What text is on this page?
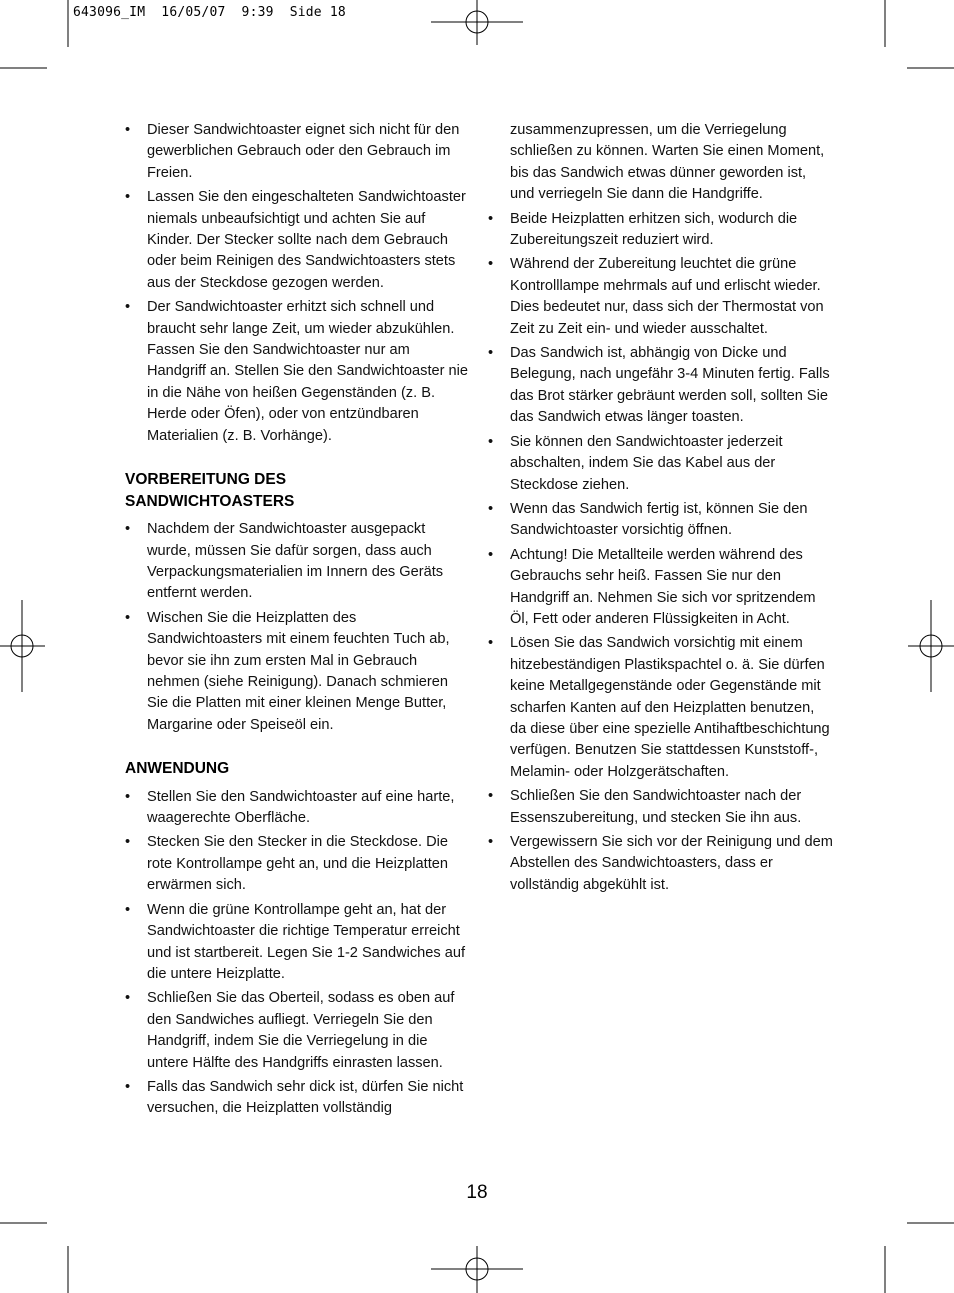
643096_IM  16/05/07  9:39  Side 18
• Dieser Sandwichtoaster eignet sich nicht für den gewerblichen Gebrauch oder den Gebrauch im Freien.
• Lassen Sie den eingeschalteten Sandwichtoaster niemals unbeaufsichtigt und achten Sie auf Kinder. Der Stecker sollte nach dem Gebrauch oder beim Reinigen des Sandwichtoasters stets aus der Steckdose gezogen werden.
• Der Sandwichtoaster erhitzt sich schnell und braucht sehr lange Zeit, um wieder abzukühlen. Fassen Sie den Sandwichtoaster nur am Handgriff an. Stellen Sie den Sandwichtoaster nie in die Nähe von heißen Gegenständen (z. B. Herde oder Öfen), oder von entzündbaren Materialien (z. B. Vorhänge).
VORBEREITUNG DES
SANDWICHTOASTERS
• Nachdem der Sandwichtoaster ausgepackt wurde, müssen Sie dafür sorgen, dass auch Verpackungsmaterialien im Innern des Geräts entfernt werden.
• Wischen Sie die Heizplatten des Sandwichtoasters mit einem feuchten Tuch ab, bevor sie ihn zum ersten Mal in Gebrauch nehmen (siehe Reinigung). Danach schmieren Sie die Platten mit einer kleinen Menge Butter, Margarine oder Speiseöl ein.
ANWENDUNG
• Stellen Sie den Sandwichtoaster auf eine harte, waagerechte Oberfläche.
• Stecken Sie den Stecker in die Steckdose. Die rote Kontrollampe geht an, und die Heizplatten erwärmen sich.
• Wenn die grüne Kontrollampe geht an, hat der Sandwichtoaster die richtige Temperatur erreicht und ist startbereit. Legen Sie 1-2 Sandwiches auf die untere Heizplatte.
• Schließen Sie das Oberteil, sodass es oben auf den Sandwiches aufliegt. Verriegeln Sie den Handgriff, indem Sie die Verriegelung in die untere Hälfte des Handgriffs einrasten lassen.
• Falls das Sandwich sehr dick ist, dürfen Sie nicht versuchen, die Heizplatten vollständig
zusammenzupressen, um die Verriegelung schließen zu können. Warten Sie einen Moment, bis das Sandwich etwas dünner geworden ist, und verriegeln Sie dann die Handgriffe.
• Beide Heizplatten erhitzen sich, wodurch die Zubereitungszeit reduziert wird.
• Während der Zubereitung leuchtet die grüne Kontrolllampe mehrmals auf und erlischt wieder. Dies bedeutet nur, dass sich der Thermostat von Zeit zu Zeit ein- und wieder ausschaltet.
• Das Sandwich ist, abhängig von Dicke und Belegung, nach ungefähr 3-4 Minuten fertig. Falls das Brot stärker gebräunt werden soll, sollten Sie das Sandwich etwas länger toasten.
• Sie können den Sandwichtoaster jederzeit abschalten, indem Sie das Kabel aus der Steckdose ziehen.
• Wenn das Sandwich fertig ist, können Sie den Sandwichtoaster vorsichtig öffnen.
• Achtung! Die Metallteile werden während des Gebrauchs sehr heiß. Fassen Sie nur den Handgriff an. Nehmen Sie sich vor spritzendem Öl, Fett oder anderen Flüssigkeiten in Acht.
• Lösen Sie das Sandwich vorsichtig mit einem hitzebeständigen Plastikspachtel o. ä. Sie dürfen keine Metallgegenstände oder Gegenstände mit scharfen Kanten auf den Heizplatten benutzen, da diese über eine spezielle Antihaftbeschichtung verfügen. Benutzen Sie stattdessen Kunststoff-, Melamin- oder Holzgerätschaften.
• Schließen Sie den Sandwichtoaster nach der Essenszubereitung, und stecken Sie ihn aus.
• Vergewissern Sie sich vor der Reinigung und dem Abstellen des Sandwichtoasters, dass er vollständig abgekühlt ist.
18
